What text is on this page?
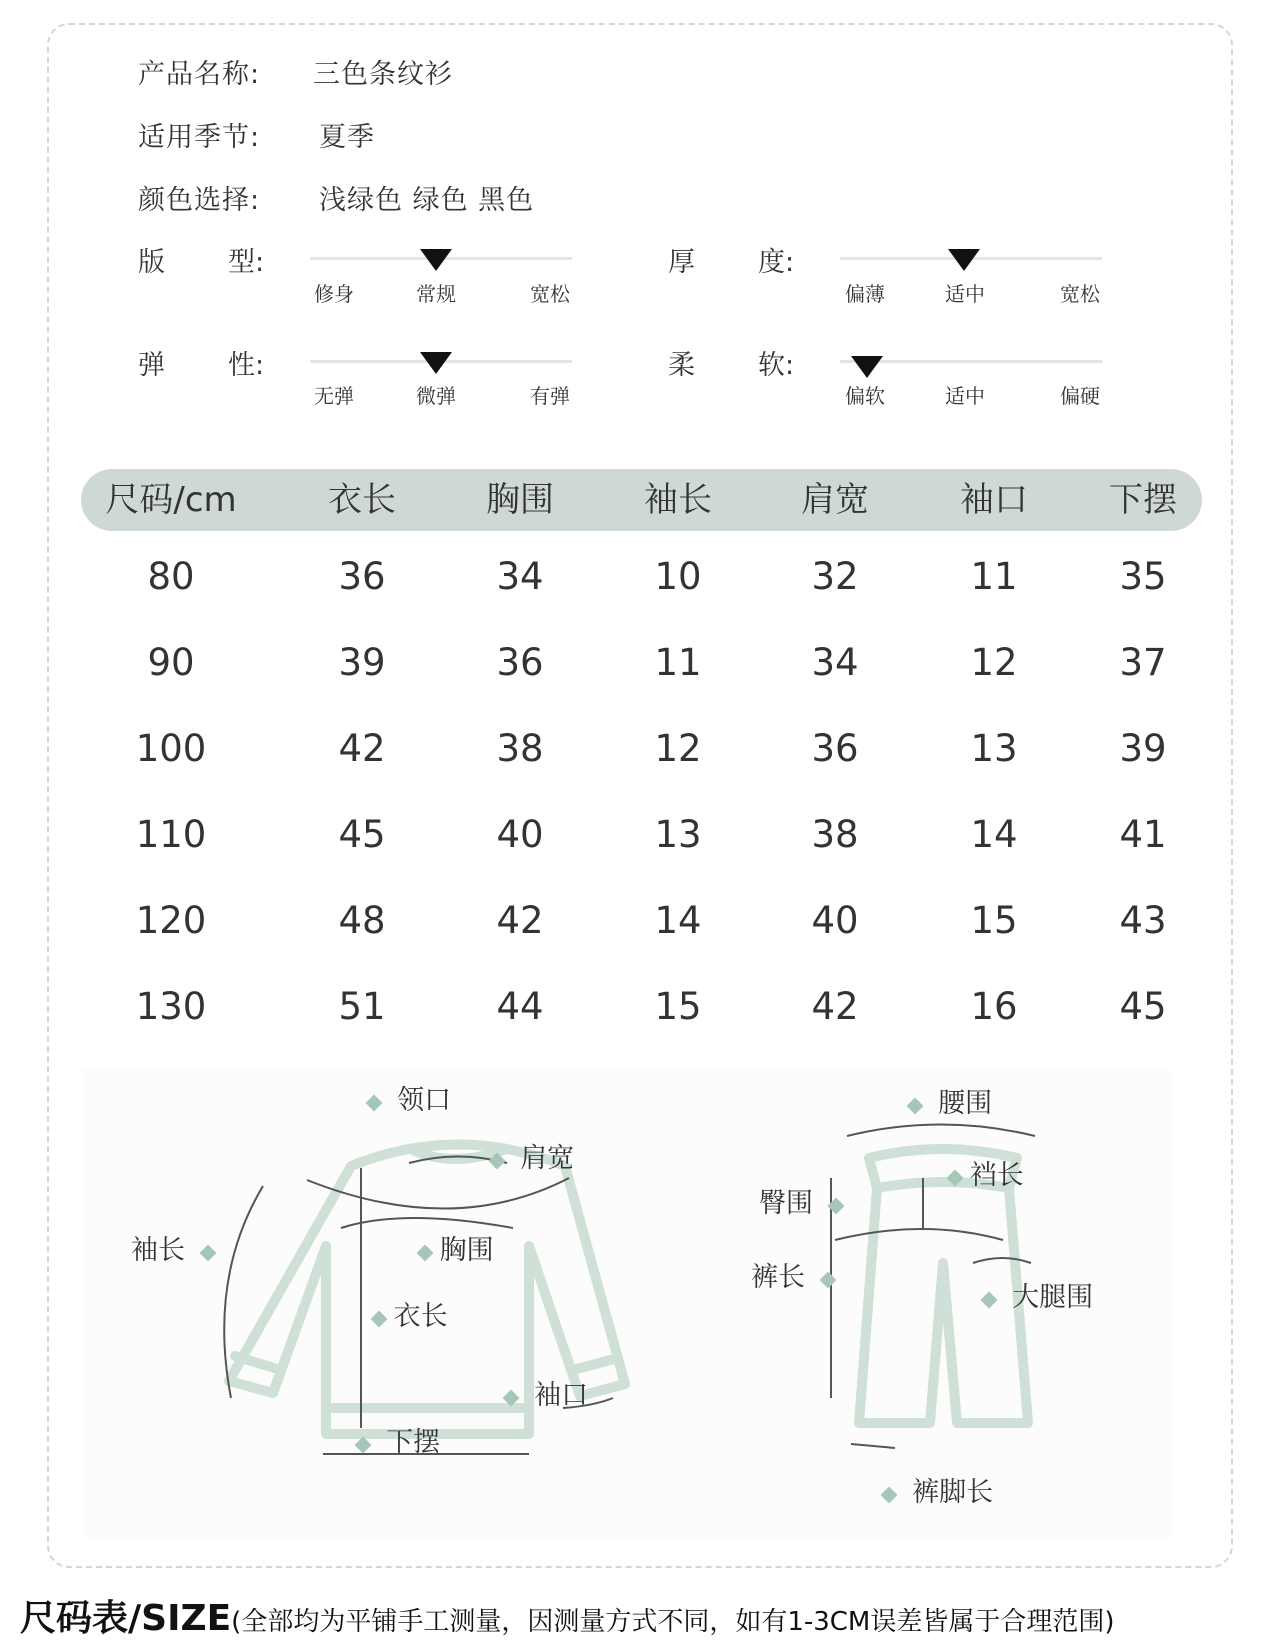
产品名称: 三色条纹衫
适用季节: 夏季
颜色选择: 浅绿色 绿色 黑色
版 型:
修身	常规	宽松
厚 度:
偏薄	适中	宽松
弹 性:
无弹	微弹	有弹
柔 软:
偏软	适中	偏硬
尺码/cm	衣长	胸围	袖长	肩宽	袖口	下摆
80	36	34	10	32	11	35
90	39	36	11	34	12	37
100	42	38	12	36	13	39
110	45	40	13	38	14	41
120	48	42	14	40	15	43
130	51	44	15	42	16	45
领口
肩宽
袖长	胸围
衣长
袖口
下摆
腰围
裆长
臀围
裤长
大腿围
裤脚长
尺码表/SIZE(全部均为平铺手工测量，因测量方式不同，如有1-3CM误差皆属于合理范围)
